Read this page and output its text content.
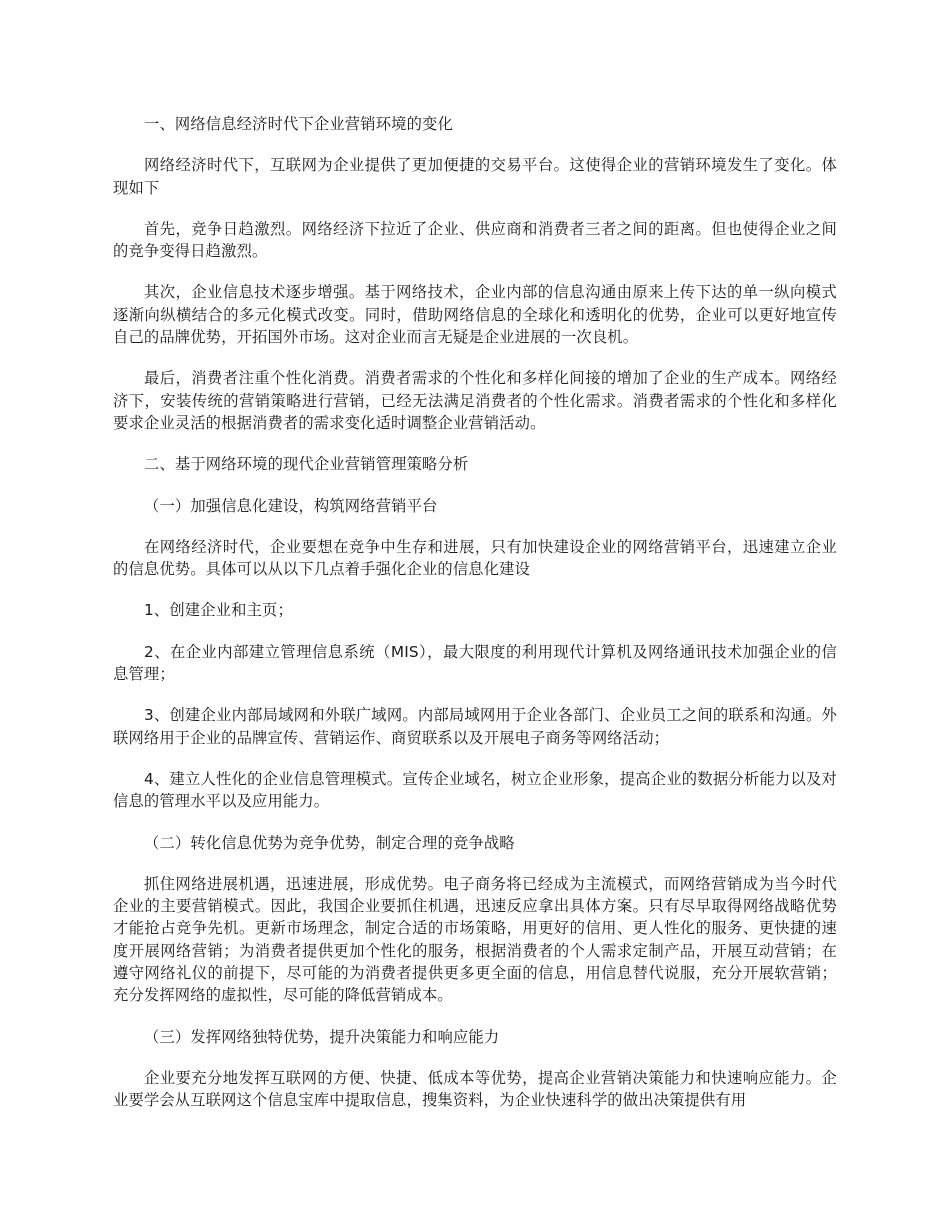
一、网络信息经济时代下企业营销环境的变化

网络经济时代下，互联网为企业提供了更加便捷的交易平台。这使得企业的营销环境发生了变化。体现如下

首先，竞争日趋激烈。网络经济下拉近了企业、供应商和消费者三者之间的距离。但也使得企业之间的竞争变得日趋激烈。

其次，企业信息技术逐步增强。基于网络技术，企业内部的信息沟通由原来上传下达的单一纵向模式逐渐向纵横结合的多元化模式改变。同时，借助网络信息的全球化和透明化的优势，企业可以更好地宣传自己的品牌优势，开拓国外市场。这对企业而言无疑是企业进展的一次良机。

最后，消费者注重个性化消费。消费者需求的个性化和多样化间接的增加了企业的生产成本。网络经济下，安装传统的营销策略进行营销，已经无法满足消费者的个性化需求。消费者需求的个性化和多样化要求企业灵活的根据消费者的需求变化适时调整企业营销活动。

二、基于网络环境的现代企业营销管理策略分析

（一）加强信息化建设，构筑网络营销平台

在网络经济时代，企业要想在竞争中生存和进展，只有加快建设企业的网络营销平台，迅速建立企业的信息优势。具体可以从以下几点着手强化企业的信息化建设

1、创建企业和主页；

2、在企业内部建立管理信息系统（MIS），最大限度的利用现代计算机及网络通讯技术加强企业的信息管理；

3、创建企业内部局域网和外联广域网。内部局域网用于企业各部门、企业员工之间的联系和沟通。外联网络用于企业的品牌宣传、营销运作、商贸联系以及开展电子商务等网络活动；

4、建立人性化的企业信息管理模式。宣传企业域名，树立企业形象，提高企业的数据分析能力以及对信息的管理水平以及应用能力。

（二）转化信息优势为竞争优势，制定合理的竞争战略

抓住网络进展机遇，迅速进展，形成优势。电子商务将已经成为主流模式，而网络营销成为当今时代企业的主要营销模式。因此，我国企业要抓住机遇，迅速反应拿出具体方案。只有尽早取得网络战略优势才能抢占竞争先机。更新市场理念，制定合适的市场策略，用更好的信用、更人性化的服务、更快捷的速度开展网络营销；为消费者提供更加个性化的服务，根据消费者的个人需求定制产品，开展互动营销；在遵守网络礼仪的前提下，尽可能的为消费者提供更多更全面的信息，用信息替代说服，充分开展软营销；充分发挥网络的虚拟性，尽可能的降低营销成本。

（三）发挥网络独特优势，提升决策能力和响应能力

企业要充分地发挥互联网的方便、快捷、低成本等优势，提高企业营销决策能力和快速响应能力。企业要学会从互联网这个信息宝库中提取信息，搜集资料，为企业快速科学的做出决策提供有用
